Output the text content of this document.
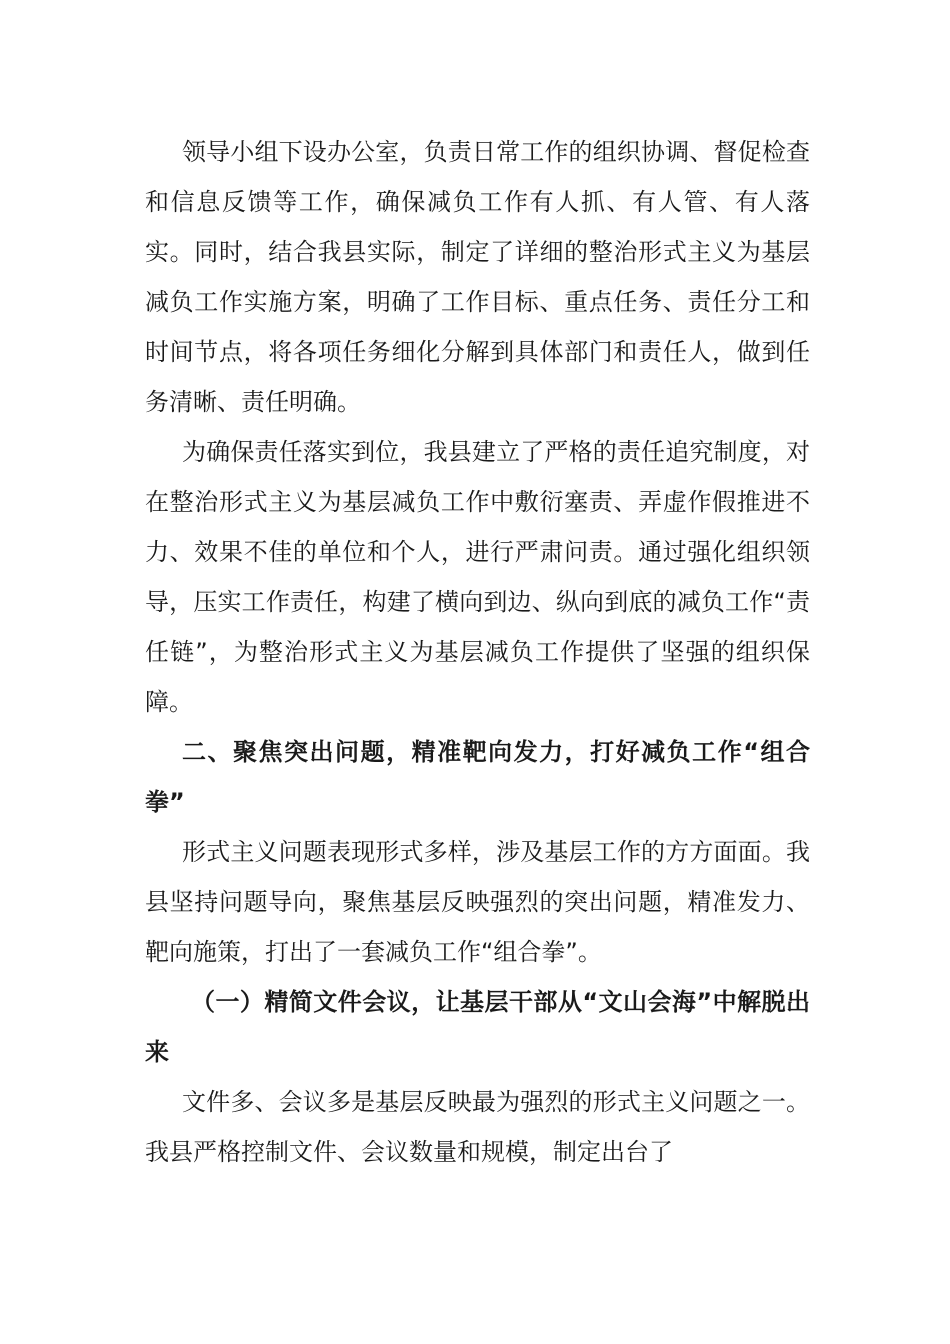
领导小组下设办公室，负责日常工作的组织协调、督促检查和信息反馈等工作，确保减负工作有人抓、有人管、有人落实。同时，结合我县实际，制定了详细的整治形式主义为基层减负工作实施方案，明确了工作目标、重点任务、责任分工和时间节点，将各项任务细化分解到具体部门和责任人，做到任务清晰、责任明确。

为确保责任落实到位，我县建立了严格的责任追究制度，对在整治形式主义为基层减负工作中敷衍塞责、弄虚作假推进不力、效果不佳的单位和个人，进行严肃问责。通过强化组织领导，压实工作责任，构建了横向到边、纵向到底的减负工作“责任链”，为整治形式主义为基层减负工作提供了坚强的组织保障。

二、聚焦突出问题，精准靶向发力，打好减负工作“组合拳”

形式主义问题表现形式多样，涉及基层工作的方方面面。我县坚持问题导向，聚焦基层反映强烈的突出问题，精准发力、靶向施策，打出了一套减负工作“组合拳”。

（一）精简文件会议，让基层干部从“文山会海”中解脱出来

文件多、会议多是基层反映最为强烈的形式主义问题之一。我县严格控制文件、会议数量和规模，制定出台了
